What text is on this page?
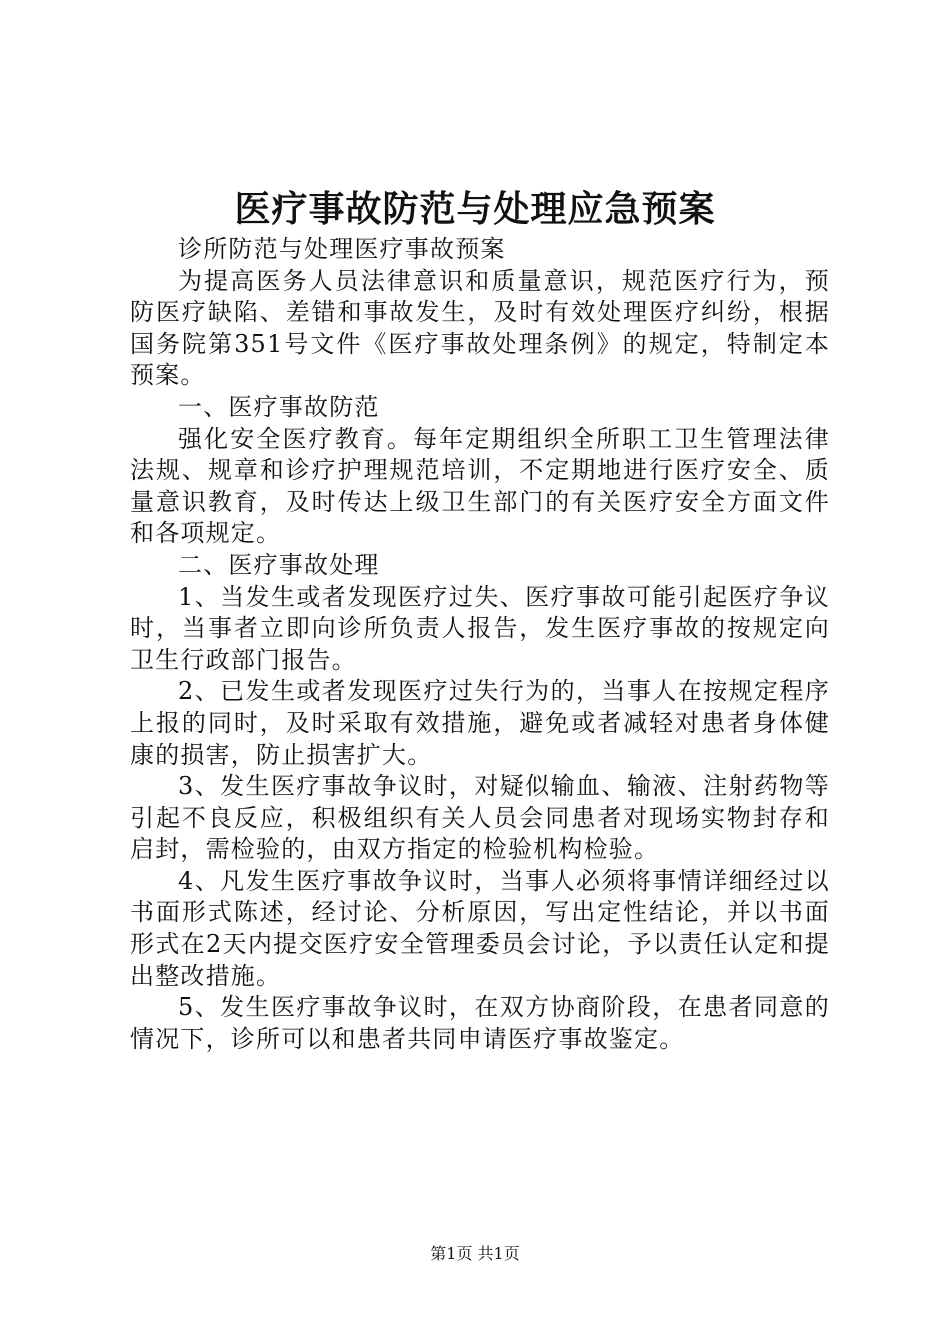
医疗事故防范与处理应急预案

诊所防范与处理医疗事故预案

为提高医务人员法律意识和质量意识，规范医疗行为，预防医疗缺陷、差错和事故发生，及时有效处理医疗纠纷，根据国务院第351号文件《医疗事故处理条例》的规定，特制定本预案。

一、医疗事故防范

强化安全医疗教育。每年定期组织全所职工卫生管理法律法规、规章和诊疗护理规范培训，不定期地进行医疗安全、质量意识教育，及时传达上级卫生部门的有关医疗安全方面文件和各项规定。

二、医疗事故处理

1、当发生或者发现医疗过失、医疗事故可能引起医疗争议时，当事者立即向诊所负责人报告，发生医疗事故的按规定向卫生行政部门报告。

2、已发生或者发现医疗过失行为的，当事人在按规定程序上报的同时，及时采取有效措施，避免或者减轻对患者身体健康的损害，防止损害扩大。

3、发生医疗事故争议时，对疑似输血、输液、注射药物等引起不良反应，积极组织有关人员会同患者对现场实物封存和启封，需检验的，由双方指定的检验机构检验。

4、凡发生医疗事故争议时，当事人必须将事情详细经过以书面形式陈述，经讨论、分析原因，写出定性结论，并以书面形式在2天内提交医疗安全管理委员会讨论，予以责任认定和提出整改措施。

5、发生医疗事故争议时，在双方协商阶段，在患者同意的情况下，诊所可以和患者共同申请医疗事故鉴定。

第1页 共1页
